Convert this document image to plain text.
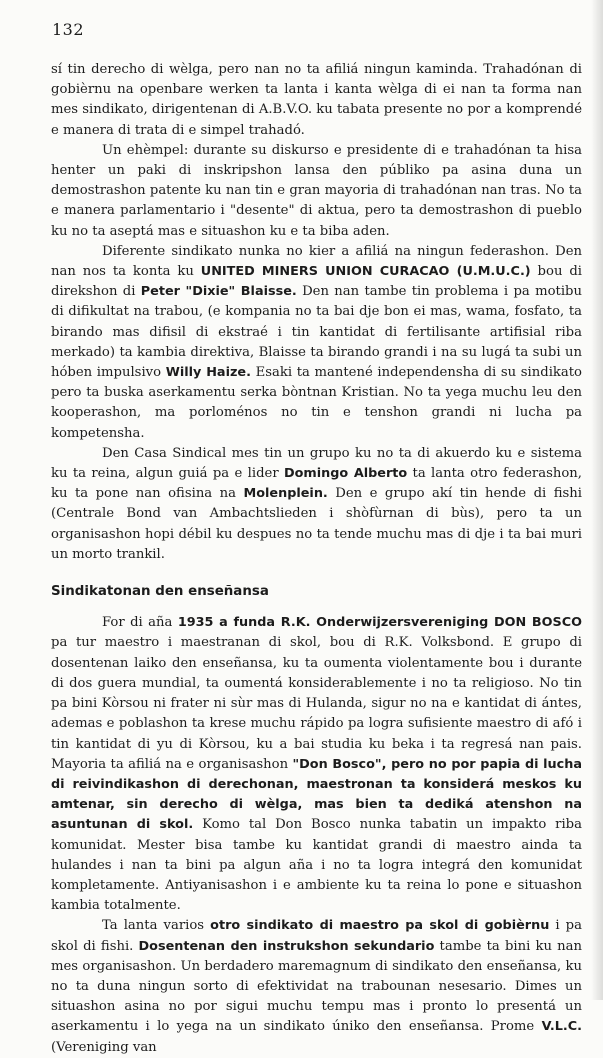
132

sí tin derecho di wèlga, pero nan no ta afiliá ningun kaminda. Trahadónan di gobièrnu na openbare werken ta lanta i kanta wèlga di ei nan ta forma nan mes sindikato, dirigentenan di A.B.V.O. ku tabata presente no por a komprendé e manera di trata di e simpel trahadó.

Un ehèmpel: durante su diskurso e presidente di e trahadónan ta hisa henter un paki di inskripshon lansa den públiko pa asina duna un demostrashon patente ku nan tin e gran mayoria di trahadónan nan tras. No ta e manera parlamentario i "desente" di aktua, pero ta demostrashon di pueblo ku no ta aseptá mas e situashon ku e ta biba aden.

Diferente sindikato nunka no kier a afiliá na ningun federashon. Den nan nos ta konta ku UNITED MINERS UNION CURACAO (U.M.U.C.) bou di direkshon di Peter "Dixie" Blaisse. Den nan tambe tin problema i pa motibu di difikultat na trabou, (e kompania no ta bai dje bon ei mas, wama, fosfato, ta birando mas difisil di ekstraé i tin kantidat di fertilisante artifisial riba merkado) ta kambia direktiva, Blaisse ta birando grandi i na su lugá ta subi un hóben impulsivo Willy Haize. Esaki ta mantené independensha di su sindikato pero ta buska aserkamentu serka bòntnan Kristian. No ta yega muchu leu den kooperashon, ma porloménos no tin e tenshon grandi ni lucha pa kompetensha.

Den Casa Sindical mes tin un grupo ku no ta di akuerdo ku e sistema ku ta reina, algun guiá pa e lider Domingo Alberto ta lanta otro federashon, ku ta pone nan ofisina na Molenplein. Den e grupo akí tin hende di fishi (Centrale Bond van Ambachtslieden i shòfùrnan di bùs), pero ta un organisashon hopi débil ku despues no ta tende muchu mas di dje i ta bai muri un morto trankil.

Sindikatonan den enseñansa

For di aña 1935 a funda R.K. Onderwijzersvereniging DON BOSCO pa tur maestro i maestranan di skol, bou di R.K. Volksbond. E grupo di dosentenan laiko den enseñansa, ku ta oumenta violentamente bou i durante di dos guera mundial, ta oumentá konsiderablemente i no ta religioso. No tin pa bini Kòrsou ni frater ni sùr mas di Hulanda, sigur no na e kantidat di ántes, ademas e poblashon ta krese muchu rápido pa logra sufisiente maestro di afó i tin kantidat di yu di Kòrsou, ku a bai studia ku beka i ta regresá nan pais. Mayoria ta afiliá na e organisashon "Don Bosco", pero no por papia di lucha di reivindikashon di derechonan, maestronan ta konsiderá meskos ku amtenar, sin derecho di wèlga, mas bien ta dediká atenshon na asuntunan di skol. Komo tal Don Bosco nunka tabatin un impakto riba komunidat. Mester bisa tambe ku kantidat grandi di maestro ainda ta hulandes i nan ta bini pa algun aña i no ta logra integrá den komunidat kompletamente. Antiyanisashon i e ambiente ku ta reina lo pone e situashon kambia totalmente.

Ta lanta varios otro sindikato di maestro pa skol di gobièrnu i pa skol di fishi. Dosentenan den instrukshon sekundario tambe ta bini ku nan mes organisashon. Un berdadero maremagnum di sindikato den enseñansa, ku no ta duna ningun sorto di efektividat na trabounan nesesario. Dimes un situashon asina no por sigui muchu tempu mas i pronto lo presentá un aserkamentu i lo yega na un sindikato úniko den enseñansa. Prome V.L.C. (Vereniging van
